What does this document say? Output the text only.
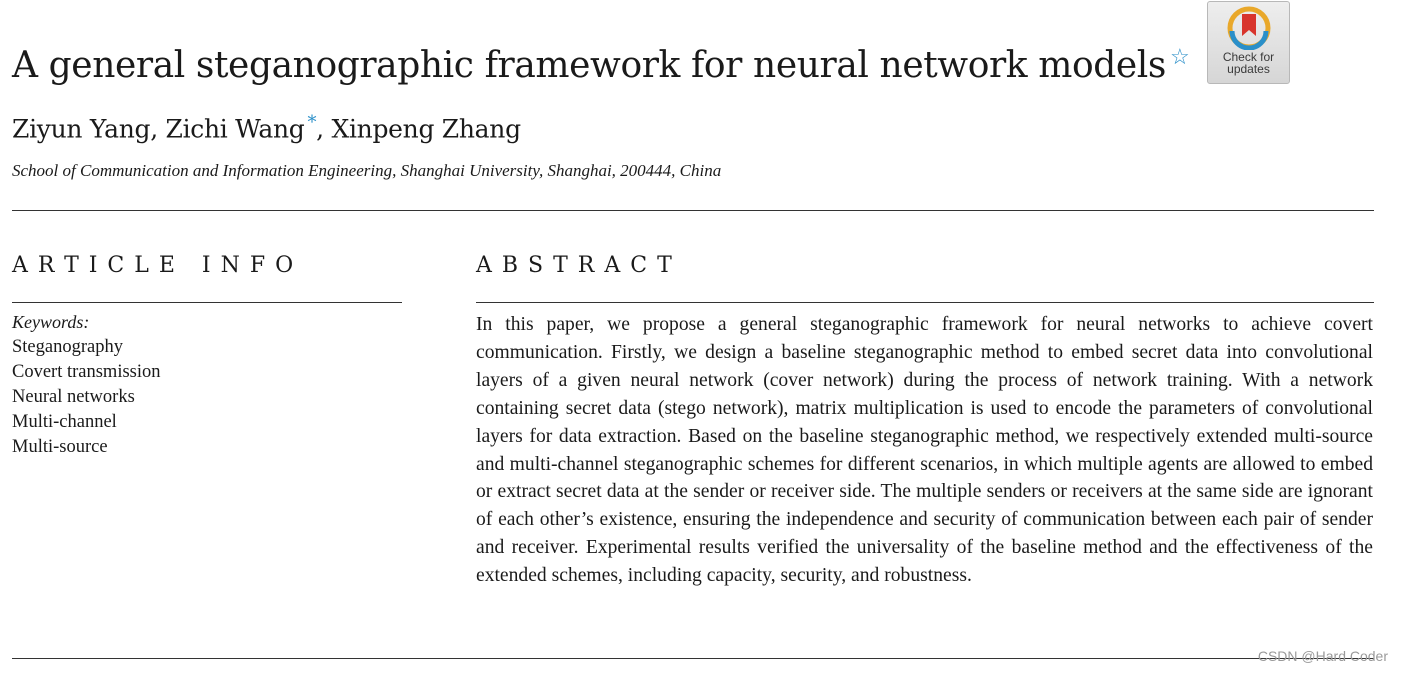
A general steganographic framework for neural network models ☆	Check for
updates
Ziyun Yang, Zichi Wang *, Xinpeng Zhang
School of Communication and Information Engineering, Shanghai University, Shanghai, 200444, China
ARTICLE INFO
Keywords:
Steganography
Covert transmission
Neural networks
Multi-channel
Multi-source
ABSTRACT

In this paper, we propose a general steganographic framework for neural networks to achieve covert communication. Firstly, we design a baseline steganographic method to embed secret data into convolutional layers of a given neural network (cover network) during the process of network training. With a network containing secret data (stego network), matrix multiplication is used to encode the parameters of convolutional layers for data extraction. Based on the baseline steganographic method, we respectively extended multi-source and multi-channel steganographic schemes for different scenarios, in which multiple agents are allowed to embed or extract secret data at the sender or receiver side. The multiple senders or receivers at the same side are ignorant of each other’s existence, ensuring the independence and security of communication between each pair of sender and receiver. Experimental results verified the universality of the baseline method and the effectiveness of the extended schemes, including capacity, security, and robustness.

CSDN @Hard Coder
